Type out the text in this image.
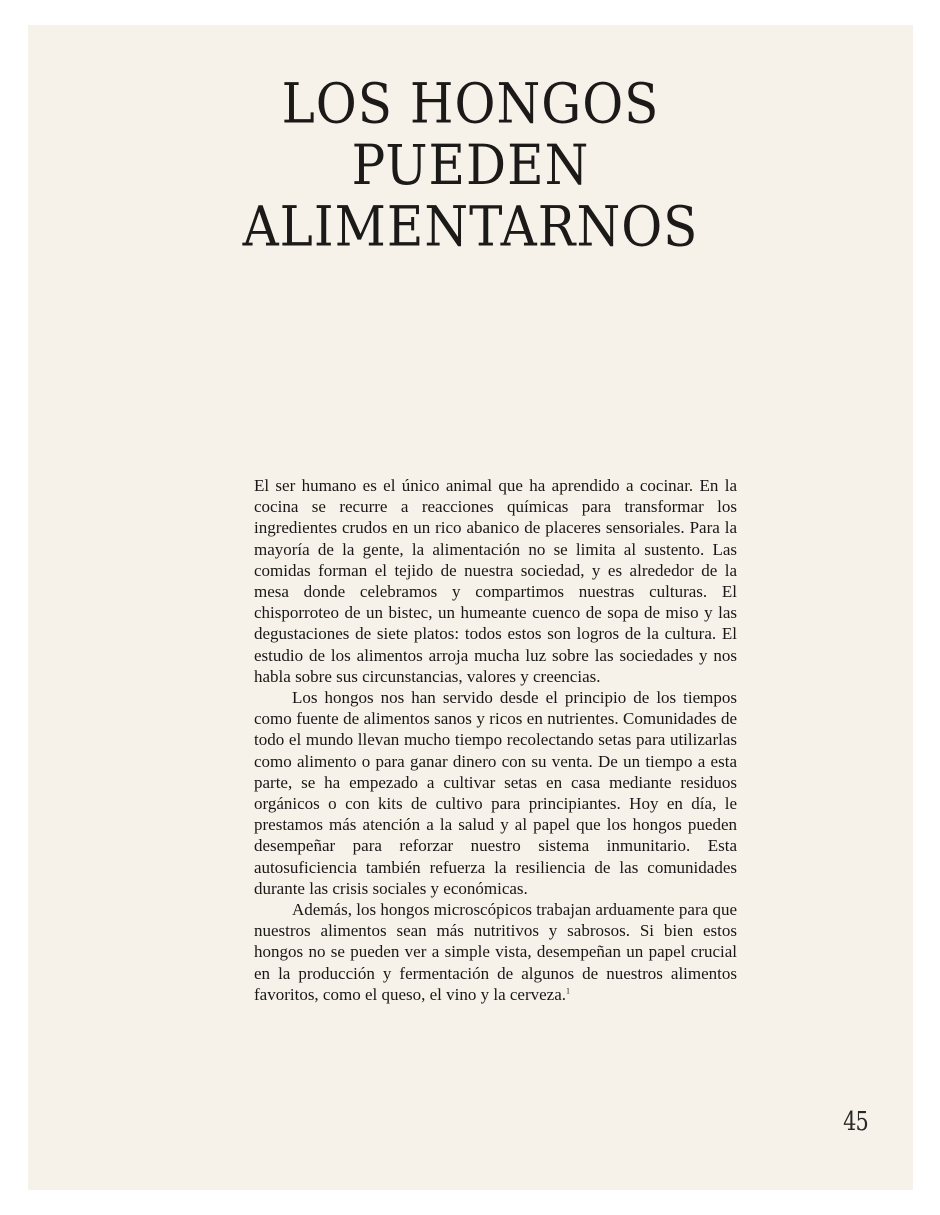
LOS HONGOS
PUEDEN
ALIMENTARNOS

El ser humano es el único animal que ha aprendido a cocinar. En la cocina se recurre a reacciones químicas para transformar los ingredientes crudos en un rico abanico de placeres sensoriales. Para la mayoría de la gente, la alimentación no se limita al sustento. Las comidas forman el tejido de nuestra sociedad, y es alrededor de la mesa donde celebramos y compartimos nuestras culturas. El chisporroteo de un bistec, un humeante cuenco de sopa de miso y las degustaciones de siete platos: todos estos son logros de la cultura. El estudio de los alimentos arroja mucha luz sobre las sociedades y nos habla sobre sus circunstancias, valores y creencias.

Los hongos nos han servido desde el principio de los tiempos como fuente de alimentos sanos y ricos en nutrientes. Comunidades de todo el mundo llevan mucho tiempo recolectando setas para utilizarlas como alimento o para ganar dinero con su venta. De un tiempo a esta parte, se ha empezado a cultivar setas en casa mediante residuos orgánicos o con kits de cultivo para principiantes. Hoy en día, le prestamos más atención a la salud y al papel que los hongos pueden desempeñar para reforzar nuestro sistema inmunitario. Esta autosuficiencia también refuerza la resiliencia de las comunidades durante las crisis sociales y económicas.

Además, los hongos microscópicos trabajan arduamente para que nuestros alimentos sean más nutritivos y sabrosos. Si bien estos hongos no se pueden ver a simple vista, desempeñan un papel crucial en la producción y fermentación de algunos de nuestros alimentos favoritos, como el queso, el vino y la cerveza.$^1$

45
